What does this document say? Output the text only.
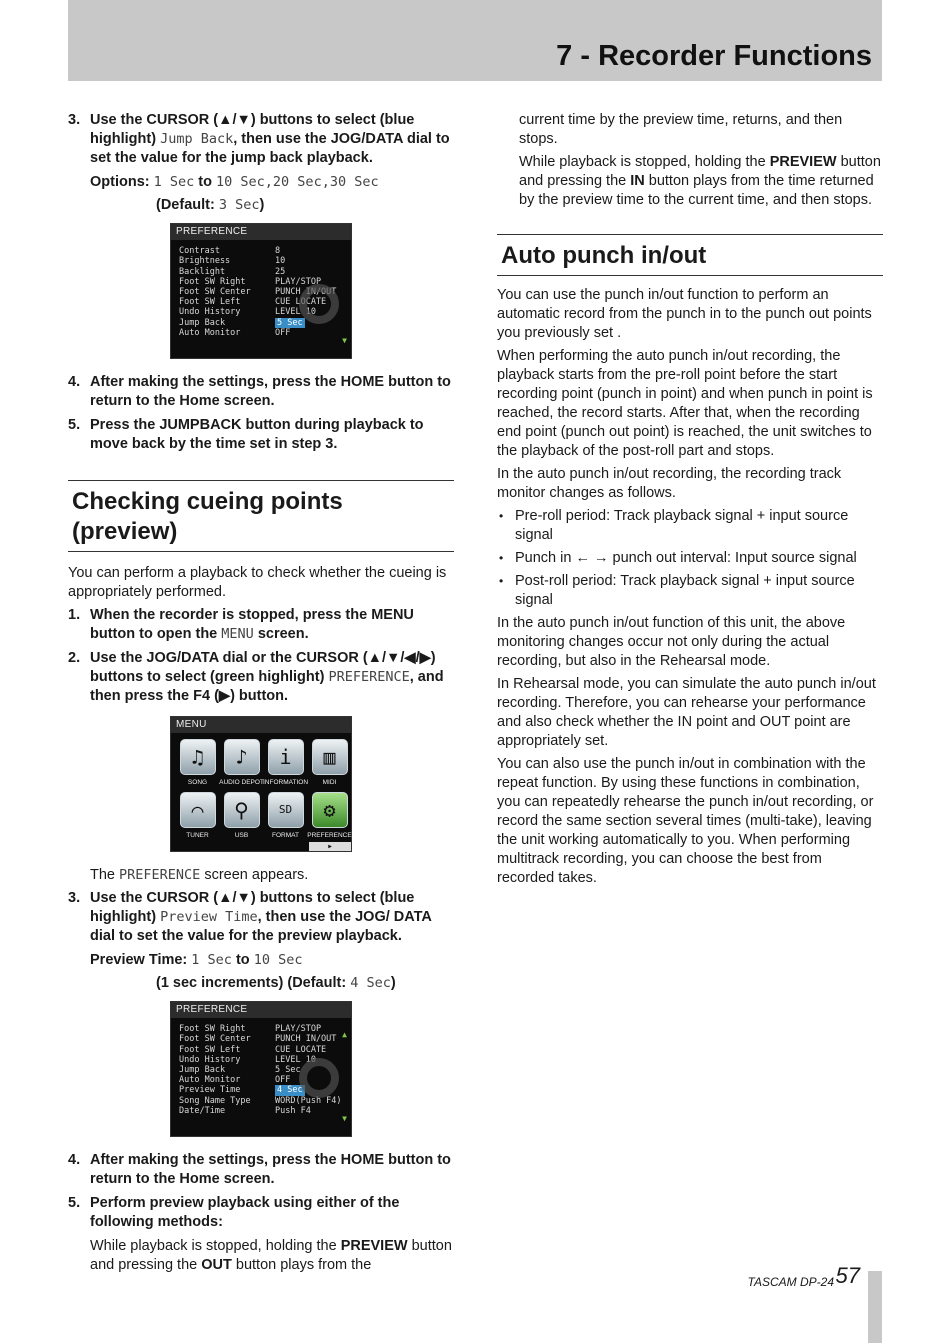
7 - Recorder Functions
3. Use the CURSOR (▲/▼) buttons to select (blue highlight) Jump Back, then use the JOG/DATA dial to set the value for the jump back playback.
Options: 1 Sec to 10 Sec,20 Sec,30 Sec
(Default: 3 Sec)
PREFERENCE
Contrast	8
Brightness	10
Backlight	25
Foot SW Right	PLAY/STOP
Foot SW Center	PUNCH IN/OUT
Foot SW Left	CUE LOCATE
Undo History	LEVEL 10
Jump Back	5 Sec
Auto Monitor	OFF
▼
4. After making the settings, press the HOME button to return to the Home screen.
5. Press the JUMPBACK button during playback to move back by the time set in step 3.
Checking cueing points (preview)

You can perform a playback to check whether the cueing is appropriately performed.

1. When the recorder is stopped, press the MENU button to open the MENU screen.
2. Use the JOG/DATA dial or the CURSOR (▲/▼/◀/▶) buttons to select (green highlight) PREFERENCE, and then press the F4 (▶) button.
MENU
♫
SONG
♪
AUDIO DEPOT
i
INFORMATION
▥
MIDI
⌒
TUNER
⚲
USB
SD
FORMAT
⚙
PREFERENCE
▶
The PREFERENCE screen appears.
3. Use the CURSOR (▲/▼) buttons to select (blue highlight) Preview Time, then use the JOG/ DATA dial to set the value for the preview playback.
Preview Time: 1 Sec to 10 Sec
(1 sec increments) (Default: 4 Sec)
PREFERENCE
Foot SW Right	PLAY/STOP
Foot SW Center	PUNCH IN/OUT
Foot SW Left	CUE LOCATE
Undo History	LEVEL 10
Jump Back	5 Sec
Auto Monitor	OFF
Preview Time	4 Sec
Song Name Type	WORD(Push F4)
Date/Time	Push F4
▲
▼
4. After making the settings, press the HOME button to return to the Home screen.
5. Perform preview playback using either of the following methods:
While playback is stopped, holding the PREVIEW button and pressing the OUT button plays from the
current time by the preview time, returns, and then stops.
While playback is stopped, holding the PREVIEW button and pressing the IN button plays from the time returned by the preview time to the current time, and then stops.
Auto punch in/out

You can use the punch in/out function to perform an automatic record from the punch in to the punch out points you previously set .

When performing the auto punch in/out recording, the playback starts from the pre-roll point before the start recording point (punch in point) and when punch in point is reached, the record starts. After that, when the recording end point (punch out point) is reached, the unit switches to the playback of the post-roll part and stops.

In the auto punch in/out recording, the recording track monitor changes as follows.

• Pre-roll period: Track playback signal + input source signal
• Punch in ← → punch out interval: Input source signal
• Post-roll period: Track playback signal + input source signal

In the auto punch in/out function of this unit, the above monitoring changes occur not only during the actual recording, but also in the Rehearsal mode.

In Rehearsal mode, you can simulate the auto punch in/out recording. Therefore, you can rehearse your performance and also check whether the IN point and OUT point are appropriately set.

You can also use the punch in/out in combination with the repeat function. By using these functions in combination, you can repeatedly rehearse the punch in/out recording, or record the same section several times (multi-take), leaving the unit working automatically to you. When performing multitrack recording, you can choose the best from recorded takes.

TASCAM DP-24 57
